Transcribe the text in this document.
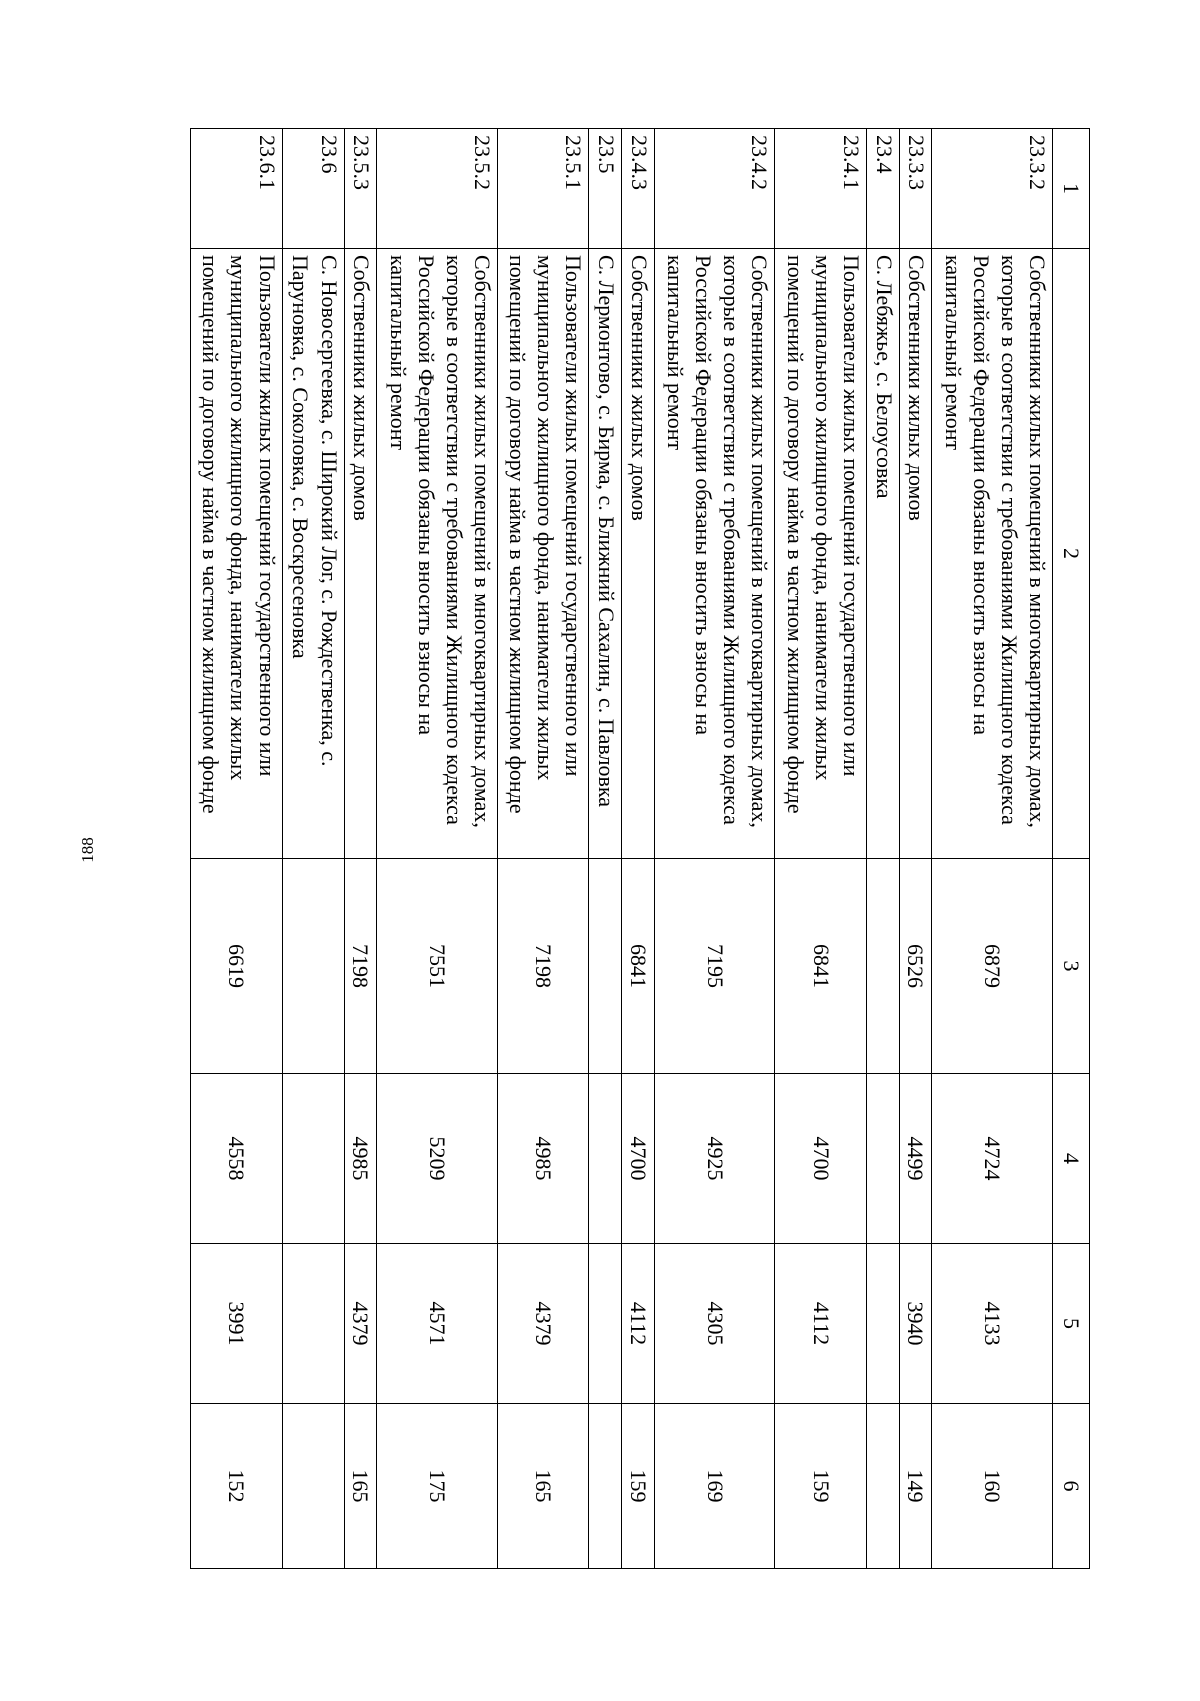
188
1	2	3	4	5	6
23.3.2	Собственники жилых помещений в многоквартирных домах, которые в соответствии с требованиями Жилищного кодекса Российской Федерации обязаны вносить взносы на капитальный ремонт	6879	4724	4133	160
23.3.3	Собственники жилых домов	6526	4499	3940	149
23.4	С. Лебяжье, с. Белоусовка				
23.4.1	Пользователи жилых помещений государственного или муниципального жилищного фонда, наниматели жилых помещений по договору найма в частном жилищном фонде	6841	4700	4112	159
23.4.2	Собственники жилых помещений в многоквартирных домах, которые в соответствии с требованиями Жилищного кодекса Российской Федерации обязаны вносить взносы на капитальный ремонт	7195	4925	4305	169
23.4.3	Собственники жилых домов	6841	4700	4112	159
23.5	С. Лермонтово, с. Бирма, с. Ближний Сахалин, с. Павловка				
23.5.1	Пользователи жилых помещений государственного или муниципального жилищного фонда, наниматели жилых помещений по договору найма в частном жилищном фонде	7198	4985	4379	165
23.5.2	Собственники жилых помещений в многоквартирных домах, которые в соответствии с требованиями Жилищного кодекса Российской Федерации обязаны вносить взносы на капитальный ремонт	7551	5209	4571	175
23.5.3	Собственники жилых домов	7198	4985	4379	165
23.6	С. Новосергеевка, с. Широкий Лог, с. Рождественка, с. Паруновка, с. Соколовка, с. Воскресеновка				
23.6.1	Пользователи жилых помещений государственного или муниципального жилищного фонда, наниматели жилых помещений по договору найма в частном жилищном фонде	6619	4558	3991	152
